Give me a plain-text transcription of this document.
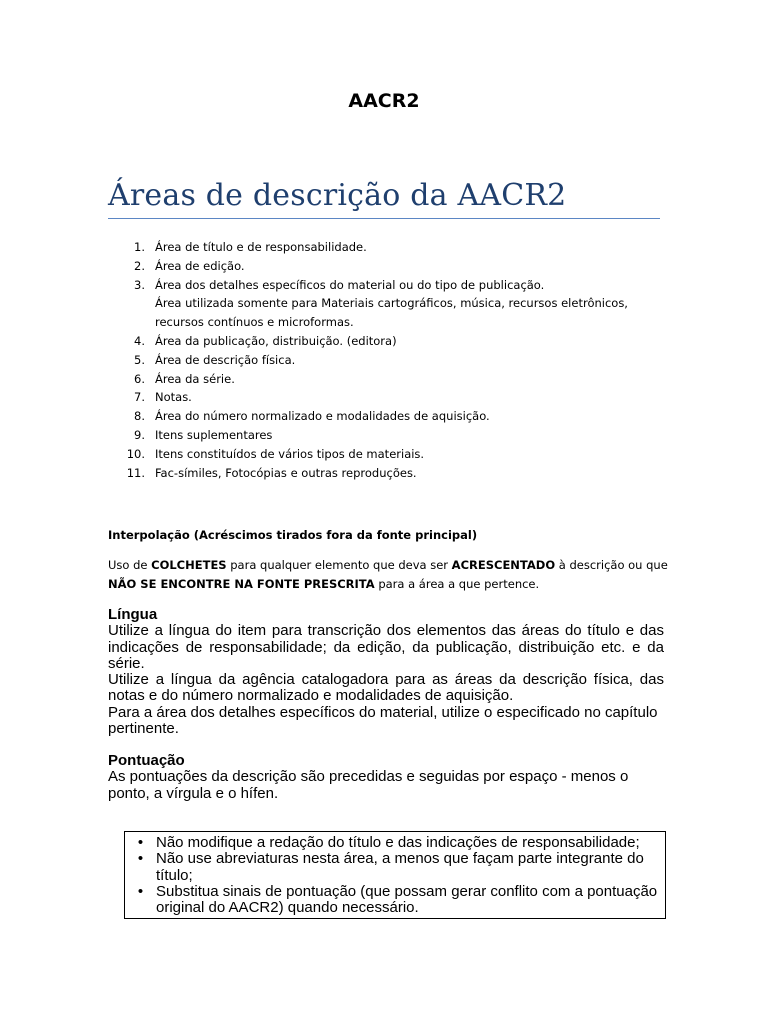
AACR2
Áreas de descrição da AACR2
1. Área de título e de responsabilidade.
2. Área de edição.
3. Área dos detalhes específicos do material ou do tipo de publicação.
Área utilizada somente para Materiais cartográficos, música, recursos eletrônicos, recursos contínuos e microformas.
4. Área da publicação, distribuição. (editora)
5. Área de descrição física.
6. Área da série.
7. Notas.
8. Área do número normalizado e modalidades de aquisição.
9. Itens suplementares
10. Itens constituídos de vários tipos de materiais.
11. Fac-símiles, Fotocópias e outras reproduções.
Interpolação (Acréscimos tirados fora da fonte principal)
Uso de COLCHETES para qualquer elemento que deva ser ACRESCENTADO à descrição ou que NÃO SE ENCONTRE NA FONTE PRESCRITA para a área a que pertence.
Língua
Utilize a língua do item para transcrição dos elementos das áreas do título e das indicações de responsabilidade; da edição, da publicação, distribuição etc. e da série.
Utilize a língua da agência catalogadora para as áreas da descrição física, das notas e do número normalizado e modalidades de aquisição.
Para a área dos detalhes específicos do material, utilize o especificado no capítulo pertinente.
Pontuação
As pontuações da descrição são precedidas e seguidas por espaço - menos o ponto, a vírgula e o hífen.
• Não modifique a redação do título e das indicações de responsabilidade;
• Não use abreviaturas nesta área, a menos que façam parte integrante do título;
• Substitua sinais de pontuação (que possam gerar conflito com a pontuação original do AACR2) quando necessário.
